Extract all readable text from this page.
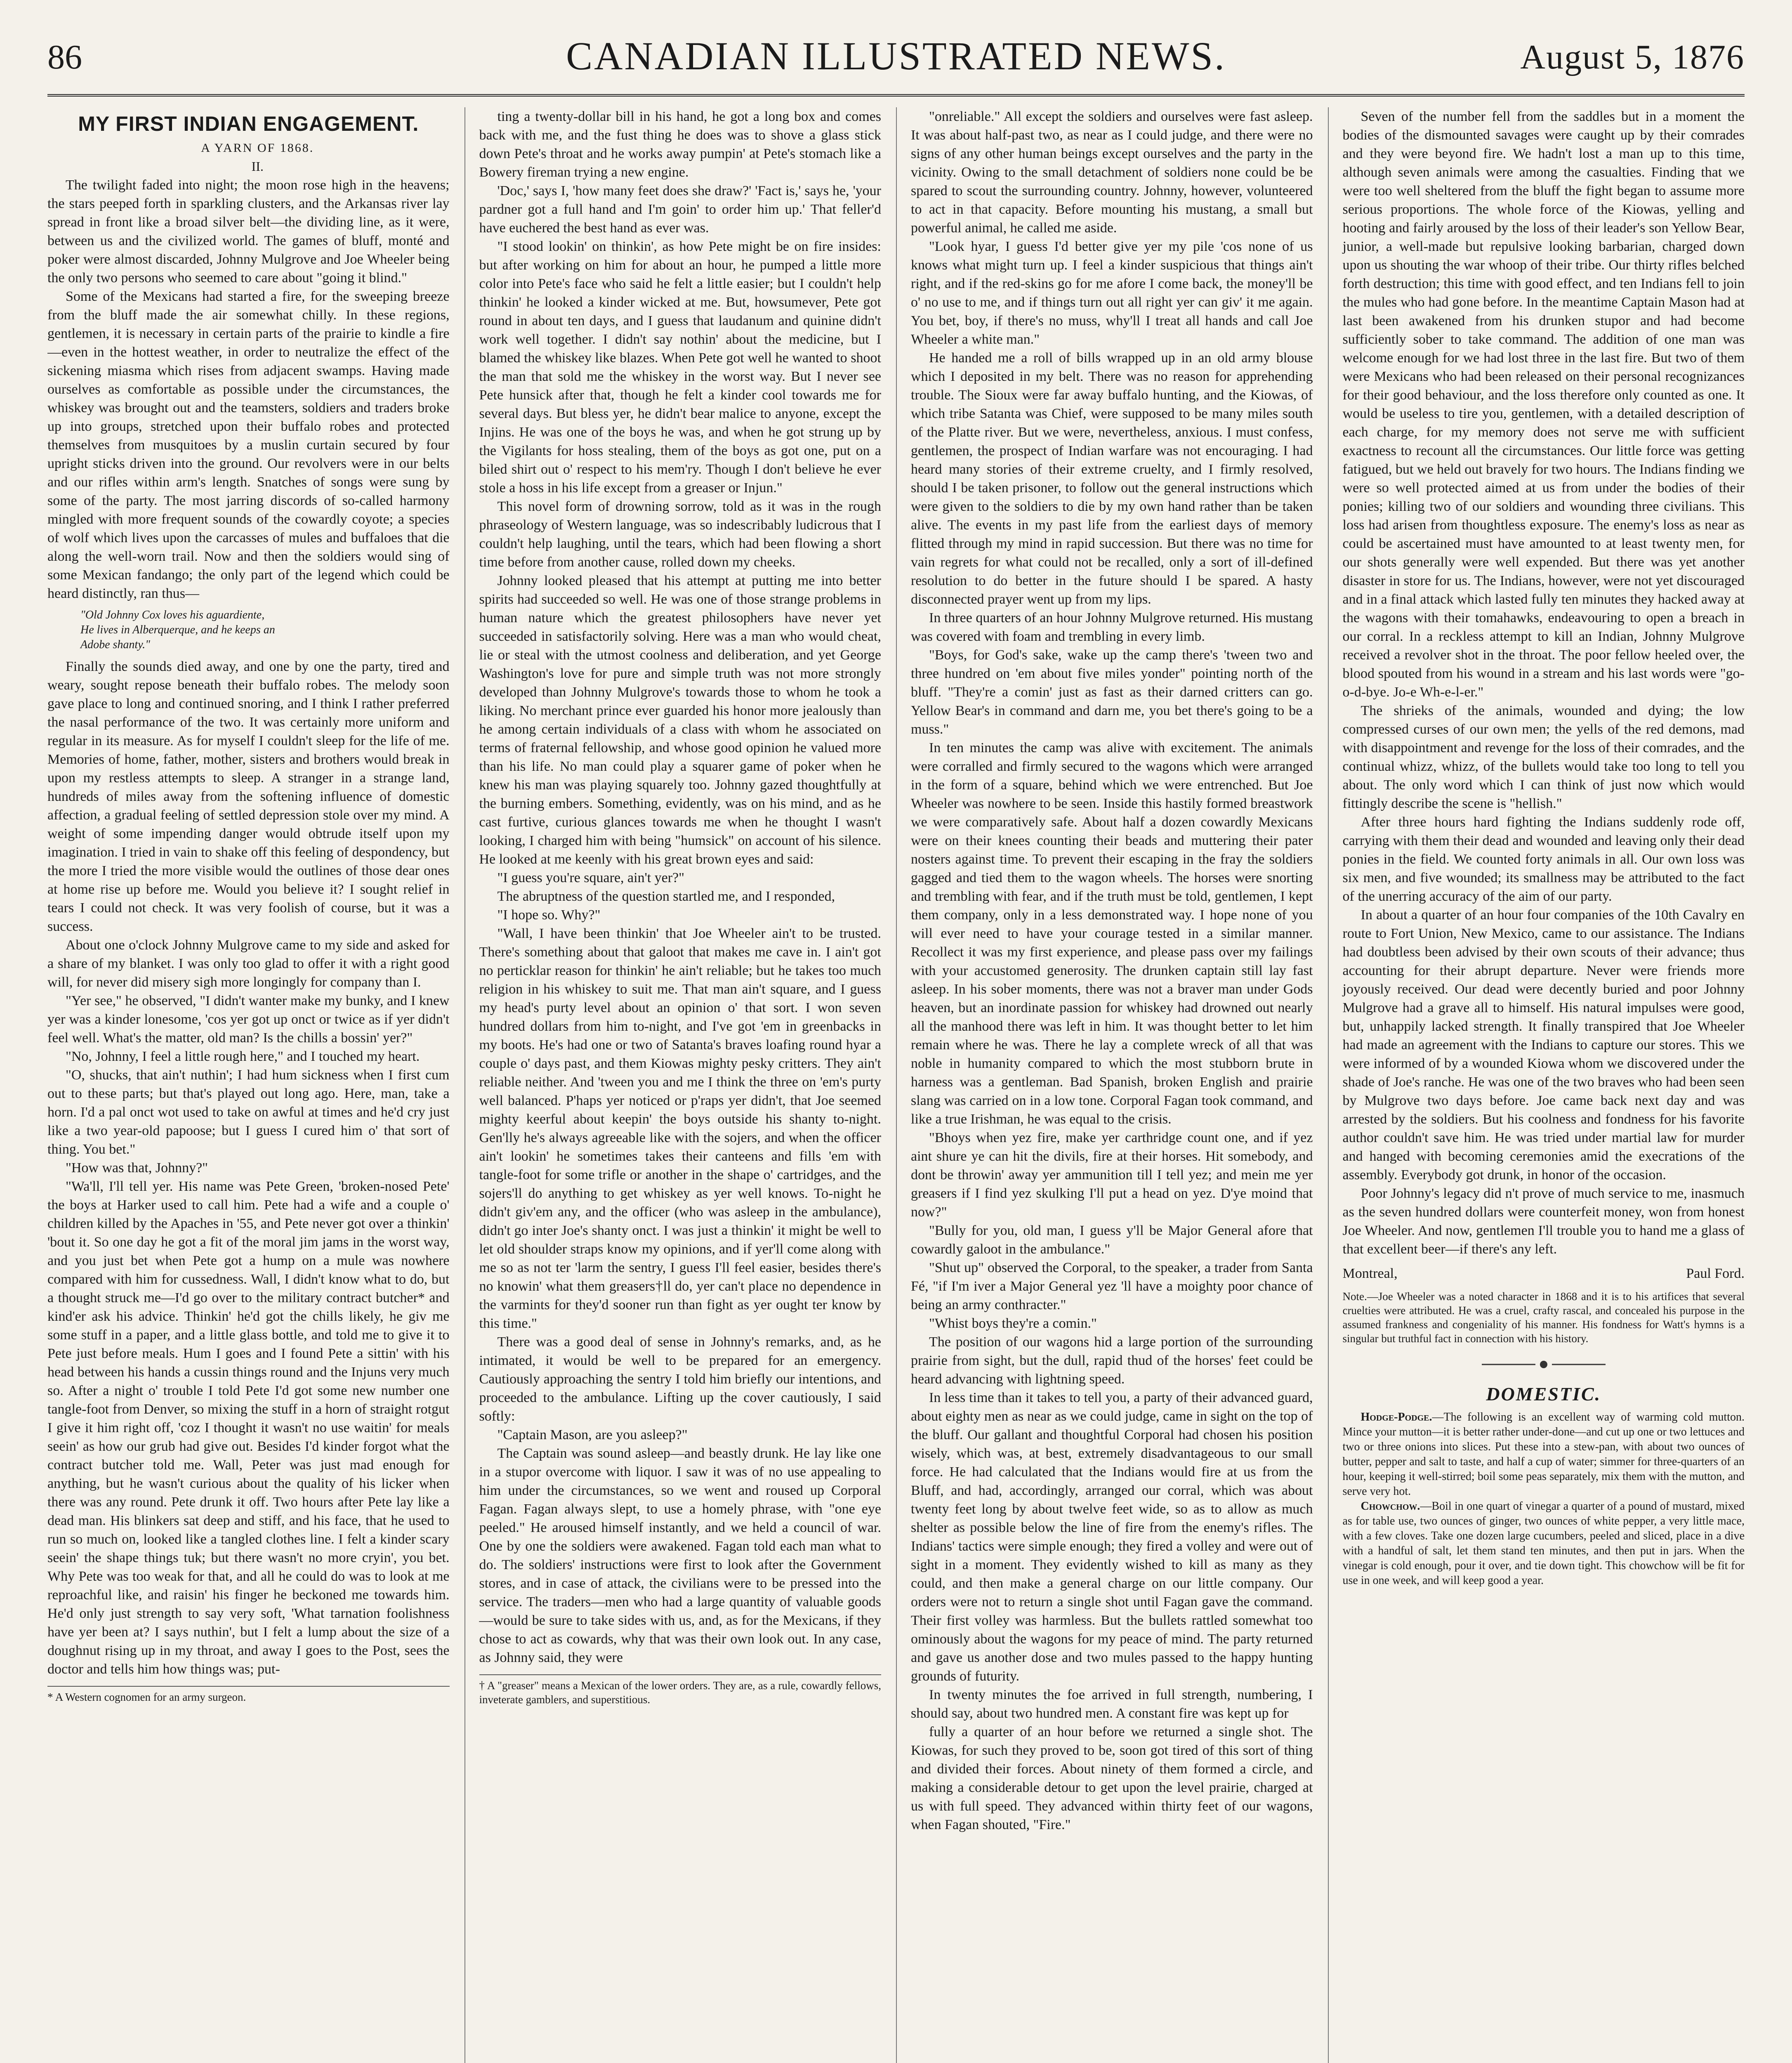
86	CANADIAN ILLUSTRATED NEWS.	August 5, 1876
MY FIRST INDIAN ENGAGEMENT.

A YARN OF 1868.

II.

The twilight faded into night; the moon rose high in the heavens; the stars peeped forth in sparkling clusters, and the Arkansas river lay spread in front like a broad silver belt—the dividing line, as it were, between us and the civilized world. The games of bluff, monté and poker were almost discarded, Johnny Mulgrove and Joe Wheeler being the only two persons who seemed to care about "going it blind."

Some of the Mexicans had started a fire, for the sweeping breeze from the bluff made the air somewhat chilly. In these regions, gentlemen, it is necessary in certain parts of the prairie to kindle a fire—even in the hottest weather, in order to neutralize the effect of the sickening miasma which rises from adjacent swamps. Having made ourselves as comfortable as possible under the circumstances, the whiskey was brought out and the teamsters, soldiers and traders broke up into groups, stretched upon their buffalo robes and protected themselves from musquitoes by a muslin curtain secured by four upright sticks driven into the ground. Our revolvers were in our belts and our rifles within arm's length. Snatches of songs were sung by some of the party. The most jarring discords of so-called harmony mingled with more frequent sounds of the cowardly coyote; a species of wolf which lives upon the carcasses of mules and buffaloes that die along the well-worn trail. Now and then the soldiers would sing of some Mexican fandango; the only part of the legend which could be heard distinctly, ran thus—

"Old Johnny Cox loves his aguardiente,
He lives in Alberquerque, and he keeps an
Adobe shanty."

Finally the sounds died away, and one by one the party, tired and weary, sought repose beneath their buffalo robes. The melody soon gave place to long and continued snoring, and I think I rather preferred the nasal performance of the two. It was certainly more uniform and regular in its measure. As for myself I couldn't sleep for the life of me. Memories of home, father, mother, sisters and brothers would break in upon my restless attempts to sleep. A stranger in a strange land, hundreds of miles away from the softening influence of domestic affection, a gradual feeling of settled depression stole over my mind. A weight of some impending danger would obtrude itself upon my imagination. I tried in vain to shake off this feeling of despondency, but the more I tried the more visible would the outlines of those dear ones at home rise up before me. Would you believe it? I sought relief in tears I could not check. It was very foolish of course, but it was a success.

About one o'clock Johnny Mulgrove came to my side and asked for a share of my blanket. I was only too glad to offer it with a right good will, for never did misery sigh more longingly for company than I.

"Yer see," he observed, "I didn't wanter make my bunky, and I knew yer was a kinder lonesome, 'cos yer got up onct or twice as if yer didn't feel well. What's the matter, old man? Is the chills a bossin' yer?"

"No, Johnny, I feel a little rough here," and I touched my heart.

"O, shucks, that ain't nuthin'; I had hum sickness when I first cum out to these parts; but that's played out long ago. Here, man, take a horn. I'd a pal onct wot used to take on awful at times and he'd cry just like a two year-old papoose; but I guess I cured him o' that sort of thing. You bet."

"How was that, Johnny?"

"Wa'll, I'll tell yer. His name was Pete Green, 'broken-nosed Pete' the boys at Harker used to call him. Pete had a wife and a couple o' children killed by the Apaches in '55, and Pete never got over a thinkin' 'bout it. So one day he got a fit of the moral jim jams in the worst way, and you just bet when Pete got a hump on a mule was nowhere compared with him for cussedness. Wall, I didn't know what to do, but a thought struck me—I'd go over to the military contract butcher* and kind'er ask his advice. Thinkin' he'd got the chills likely, he giv me some stuff in a paper, and a little glass bottle, and told me to give it to Pete just before meals. Hum I goes and I found Pete a sittin' with his head between his hands a cussin things round and the Injuns very much so. After a night o' trouble I told Pete I'd got some new number one tangle-foot from Denver, so mixing the stuff in a horn of straight rotgut I give it him right off, 'coz I thought it wasn't no use waitin' for meals seein' as how our grub had give out. Besides I'd kinder forgot what the contract butcher told me. Wall, Peter was just mad enough for anything, but he wasn't curious about the quality of his licker when there was any round. Pete drunk it off. Two hours after Pete lay like a dead man. His blinkers sat deep and stiff, and his face, that he used to run so much on, looked like a tangled clothes line. I felt a kinder scary seein' the shape things tuk; but there wasn't no more cryin', you bet. Why Pete was too weak for that, and all he could do was to look at me reproachful like, and raisin' his finger he beckoned me towards him. He'd only just strength to say very soft, 'What tarnation foolishness have yer been at? I says nuthin', but I felt a lump about the size of a doughnut rising up in my throat, and away I goes to the Post, sees the doctor and tells him how things was; put-

* A Western cognomen for an army surgeon.

ting a twenty-dollar bill in his hand, he got a long box and comes back with me, and the fust thing he does was to shove a glass stick down Pete's throat and he works away pumpin' at Pete's stomach like a Bowery fireman trying a new engine.

'Doc,' says I, 'how many feet does she draw?' 'Fact is,' says he, 'your pardner got a full hand and I'm goin' to order him up.' That feller'd have euchered the best hand as ever was.

"I stood lookin' on thinkin', as how Pete might be on fire insides: but after working on him for about an hour, he pumped a little more color into Pete's face who said he felt a little easier; but I couldn't help thinkin' he looked a kinder wicked at me. But, howsumever, Pete got round in about ten days, and I guess that laudanum and quinine didn't work well together. I didn't say nothin' about the medicine, but I blamed the whiskey like blazes. When Pete got well he wanted to shoot the man that sold me the whiskey in the worst way. But I never see Pete hunsick after that, though he felt a kinder cool towards me for several days. But bless yer, he didn't bear malice to anyone, except the Injins. He was one of the boys he was, and when he got strung up by the Vigilants for hoss stealing, them of the boys as got one, put on a biled shirt out o' respect to his mem'ry. Though I don't believe he ever stole a hoss in his life except from a greaser or Injun."

This novel form of drowning sorrow, told as it was in the rough phraseology of Western language, was so indescribably ludicrous that I couldn't help laughing, until the tears, which had been flowing a short time before from another cause, rolled down my cheeks.

Johnny looked pleased that his attempt at putting me into better spirits had succeeded so well. He was one of those strange problems in human nature which the greatest philosophers have never yet succeeded in satisfactorily solving. Here was a man who would cheat, lie or steal with the utmost coolness and deliberation, and yet George Washington's love for pure and simple truth was not more strongly developed than Johnny Mulgrove's towards those to whom he took a liking. No merchant prince ever guarded his honor more jealously than he among certain individuals of a class with whom he associated on terms of fraternal fellowship, and whose good opinion he valued more than his life. No man could play a squarer game of poker when he knew his man was playing squarely too. Johnny gazed thoughtfully at the burning embers. Something, evidently, was on his mind, and as he cast furtive, curious glances towards me when he thought I wasn't looking, I charged him with being "humsick" on account of his silence. He looked at me keenly with his great brown eyes and said:

"I guess you're square, ain't yer?"

The abruptness of the question startled me, and I responded,

"I hope so. Why?"

"Wall, I have been thinkin' that Joe Wheeler ain't to be trusted. There's something about that galoot that makes me cave in. I ain't got no perticklar reason for thinkin' he ain't reliable; but he takes too much religion in his whiskey to suit me. That man ain't square, and I guess my head's purty level about an opinion o' that sort. I won seven hundred dollars from him to-night, and I've got 'em in greenbacks in my boots. He's had one or two of Satanta's braves loafing round hyar a couple o' days past, and them Kiowas mighty pesky critters. They ain't reliable neither. And 'tween you and me I think the three on 'em's purty well balanced. P'haps yer noticed or p'raps yer didn't, that Joe seemed mighty keerful about keepin' the boys outside his shanty to-night. Gen'lly he's always agreeable like with the sojers, and when the officer ain't lookin' he sometimes takes their canteens and fills 'em with tangle-foot for some trifle or another in the shape o' cartridges, and the sojers'll do anything to get whiskey as yer well knows. To-night he didn't giv'em any, and the officer (who was asleep in the ambulance), didn't go inter Joe's shanty onct. I was just a thinkin' it might be well to let old shoulder straps know my opinions, and if yer'll come along with me so as not ter 'larm the sentry, I guess I'll feel easier, besides there's no knowin' what them greasers†ll do, yer can't place no dependence in the varmints for they'd sooner run than fight as yer ought ter know by this time."

There was a good deal of sense in Johnny's remarks, and, as he intimated, it would be well to be prepared for an emergency. Cautiously approaching the sentry I told him briefly our intentions, and proceeded to the ambulance. Lifting up the cover cautiously, I said softly:

"Captain Mason, are you asleep?"

The Captain was sound asleep—and beastly drunk. He lay like one in a stupor overcome with liquor. I saw it was of no use appealing to him under the circumstances, so we went and roused up Corporal Fagan. Fagan always slept, to use a homely phrase, with "one eye peeled." He aroused himself instantly, and we held a council of war. One by one the soldiers were awakened. Fagan told each man what to do. The soldiers' instructions were first to look after the Government stores, and in case of attack, the civilians were to be pressed into the service. The traders—men who had a large quantity of valuable goods—would be sure to take sides with us, and, as for the Mexicans, if they chose to act as cowards, why that was their own look out. In any case, as Johnny said, they were

† A "greaser" means a Mexican of the lower orders. They are, as a rule, cowardly fellows, inveterate gamblers, and superstitious.

"onreliable." All except the soldiers and ourselves were fast asleep. It was about half-past two, as near as I could judge, and there were no signs of any other human beings except ourselves and the party in the vicinity. Owing to the small detachment of soldiers none could be be spared to scout the surrounding country. Johnny, however, volunteered to act in that capacity. Before mounting his mustang, a small but powerful animal, he called me aside.

"Look hyar, I guess I'd better give yer my pile 'cos none of us knows what might turn up. I feel a kinder suspicious that things ain't right, and if the red-skins go for me afore I come back, the money'll be o' no use to me, and if things turn out all right yer can giv' it me again. You bet, boy, if there's no muss, why'll I treat all hands and call Joe Wheeler a white man."

He handed me a roll of bills wrapped up in an old army blouse which I deposited in my belt. There was no reason for apprehending trouble. The Sioux were far away buffalo hunting, and the Kiowas, of which tribe Satanta was Chief, were supposed to be many miles south of the Platte river. But we were, nevertheless, anxious. I must confess, gentlemen, the prospect of Indian warfare was not encouraging. I had heard many stories of their extreme cruelty, and I firmly resolved, should I be taken prisoner, to follow out the general instructions which were given to the soldiers to die by my own hand rather than be taken alive. The events in my past life from the earliest days of memory flitted through my mind in rapid succession. But there was no time for vain regrets for what could not be recalled, only a sort of ill-defined resolution to do better in the future should I be spared. A hasty disconnected prayer went up from my lips.

In three quarters of an hour Johnny Mulgrove returned. His mustang was covered with foam and trembling in every limb.

"Boys, for God's sake, wake up the camp there's 'tween two and three hundred on 'em about five miles yonder" pointing north of the bluff. "They're a comin' just as fast as their darned critters can go. Yellow Bear's in command and darn me, you bet there's going to be a muss."

In ten minutes the camp was alive with excitement. The animals were corralled and firmly secured to the wagons which were arranged in the form of a square, behind which we were entrenched. But Joe Wheeler was nowhere to be seen. Inside this hastily formed breastwork we were comparatively safe. About half a dozen cowardly Mexicans were on their knees counting their beads and muttering their pater nosters against time. To prevent their escaping in the fray the soldiers gagged and tied them to the wagon wheels. The horses were snorting and trembling with fear, and if the truth must be told, gentlemen, I kept them company, only in a less demonstrated way. I hope none of you will ever need to have your courage tested in a similar manner. Recollect it was my first experience, and please pass over my failings with your accustomed generosity. The drunken captain still lay fast asleep. In his sober moments, there was not a braver man under Gods heaven, but an inordinate passion for whiskey had drowned out nearly all the manhood there was left in him. It was thought better to let him remain where he was. There he lay a complete wreck of all that was noble in humanity compared to which the most stubborn brute in harness was a gentleman. Bad Spanish, broken English and prairie slang was carried on in a low tone. Corporal Fagan took command, and like a true Irishman, he was equal to the crisis.

"Bhoys when yez fire, make yer carthridge count one, and if yez aint shure ye can hit the divils, fire at their horses. Hit somebody, and dont be throwin' away yer ammunition till I tell yez; and mein me yer greasers if I find yez skulking I'll put a head on yez. D'ye moind that now?"

"Bully for you, old man, I guess y'll be Major General afore that cowardly galoot in the ambulance."

"Shut up" observed the Corporal, to the speaker, a trader from Santa Fé, "if I'm iver a Major General yez 'll have a moighty poor chance of being an army conthracter."

"Whist boys they're a comin."

The position of our wagons hid a large portion of the surrounding prairie from sight, but the dull, rapid thud of the horses' feet could be heard advancing with lightning speed.

In less time than it takes to tell you, a party of their advanced guard, about eighty men as near as we could judge, came in sight on the top of the bluff. Our gallant and thoughtful Corporal had chosen his position wisely, which was, at best, extremely disadvantageous to our small force. He had calculated that the Indians would fire at us from the Bluff, and had, accordingly, arranged our corral, which was about twenty feet long by about twelve feet wide, so as to allow as much shelter as possible below the line of fire from the enemy's rifles. The Indians' tactics were simple enough; they fired a volley and were out of sight in a moment. They evidently wished to kill as many as they could, and then make a general charge on our little company. Our orders were not to return a single shot until Fagan gave the command. Their first volley was harmless. But the bullets rattled somewhat too ominously about the wagons for my peace of mind. The party returned and gave us another dose and two mules passed to the happy hunting grounds of futurity.

In twenty minutes the foe arrived in full strength, numbering, I should say, about two hundred men. A constant fire was kept up for

fully a quarter of an hour before we returned a single shot. The Kiowas, for such they proved to be, soon got tired of this sort of thing and divided their forces. About ninety of them formed a circle, and making a considerable detour to get upon the level prairie, charged at us with full speed. They advanced within thirty feet of our wagons, when Fagan shouted, "Fire."

Seven of the number fell from the saddles but in a moment the bodies of the dismounted savages were caught up by their comrades and they were beyond fire. We hadn't lost a man up to this time, although seven animals were among the casualties. Finding that we were too well sheltered from the bluff the fight began to assume more serious proportions. The whole force of the Kiowas, yelling and hooting and fairly aroused by the loss of their leader's son Yellow Bear, junior, a well-made but repulsive looking barbarian, charged down upon us shouting the war whoop of their tribe. Our thirty rifles belched forth destruction; this time with good effect, and ten Indians fell to join the mules who had gone before. In the meantime Captain Mason had at last been awakened from his drunken stupor and had become sufficiently sober to take command. The addition of one man was welcome enough for we had lost three in the last fire. But two of them were Mexicans who had been released on their personal recognizances for their good behaviour, and the loss therefore only counted as one. It would be useless to tire you, gentlemen, with a detailed description of each charge, for my memory does not serve me with sufficient exactness to recount all the circumstances. Our little force was getting fatigued, but we held out bravely for two hours. The Indians finding we were so well protected aimed at us from under the bodies of their ponies; killing two of our soldiers and wounding three civilians. This loss had arisen from thoughtless exposure. The enemy's loss as near as could be ascertained must have amounted to at least twenty men, for our shots generally were well expended. But there was yet another disaster in store for us. The Indians, however, were not yet discouraged and in a final attack which lasted fully ten minutes they hacked away at the wagons with their tomahawks, endeavouring to open a breach in our corral. In a reckless attempt to kill an Indian, Johnny Mulgrove received a revolver shot in the throat. The poor fellow heeled over, the blood spouted from his wound in a stream and his last words were "go-o-d-bye. Jo-e Wh-e-l-er."

The shrieks of the animals, wounded and dying; the low compressed curses of our own men; the yells of the red demons, mad with disappointment and revenge for the loss of their comrades, and the continual whizz, whizz, of the bullets would take too long to tell you about. The only word which I can think of just now which would fittingly describe the scene is "hellish."

After three hours hard fighting the Indians suddenly rode off, carrying with them their dead and wounded and leaving only their dead ponies in the field. We counted forty animals in all. Our own loss was six men, and five wounded; its smallness may be attributed to the fact of the unerring accuracy of the aim of our party.

In about a quarter of an hour four companies of the 10th Cavalry en route to Fort Union, New Mexico, came to our assistance. The Indians had doubtless been advised by their own scouts of their advance; thus accounting for their abrupt departure. Never were friends more joyously received. Our dead were decently buried and poor Johnny Mulgrove had a grave all to himself. His natural impulses were good, but, unhappily lacked strength. It finally transpired that Joe Wheeler had made an agreement with the Indians to capture our stores. This we were informed of by a wounded Kiowa whom we discovered under the shade of Joe's ranche. He was one of the two braves who had been seen by Mulgrove two days before. Joe came back next day and was arrested by the soldiers. But his coolness and fondness for his favorite author couldn't save him. He was tried under martial law for murder and hanged with becoming ceremonies amid the execrations of the assembly. Everybody got drunk, in honor of the occasion.

Poor Johnny's legacy did n't prove of much service to me, inasmuch as the seven hundred dollars were counterfeit money, won from honest Joe Wheeler. And now, gentlemen I'll trouble you to hand me a glass of that excellent beer—if there's any left.

Montreal,	Paul Ford.
Note.—Joe Wheeler was a noted character in 1868 and it is to his artifices that several cruelties were attributed. He was a cruel, crafty rascal, and concealed his purpose in the assumed frankness and congeniality of his manner. His fondness for Watt's hymns is a singular but truthful fact in connection with his history.
DOMESTIC.

Hodge-Podge.—The following is an excellent way of warming cold mutton. Mince your mutton—it is better rather under-done—and cut up one or two lettuces and two or three onions into slices. Put these into a stew-pan, with about two ounces of butter, pepper and salt to taste, and half a cup of water; simmer for three-quarters of an hour, keeping it well-stirred; boil some peas separately, mix them with the mutton, and serve very hot.

Chowchow.—Boil in one quart of vinegar a quarter of a pound of mustard, mixed as for table use, two ounces of ginger, two ounces of white pepper, a very little mace, with a few cloves. Take one dozen large cucumbers, peeled and sliced, place in a dive with a handful of salt, let them stand ten minutes, and then put in jars. When the vinegar is cold enough, pour it over, and tie down tight. This chowchow will be fit for use in one week, and will keep good a year.
